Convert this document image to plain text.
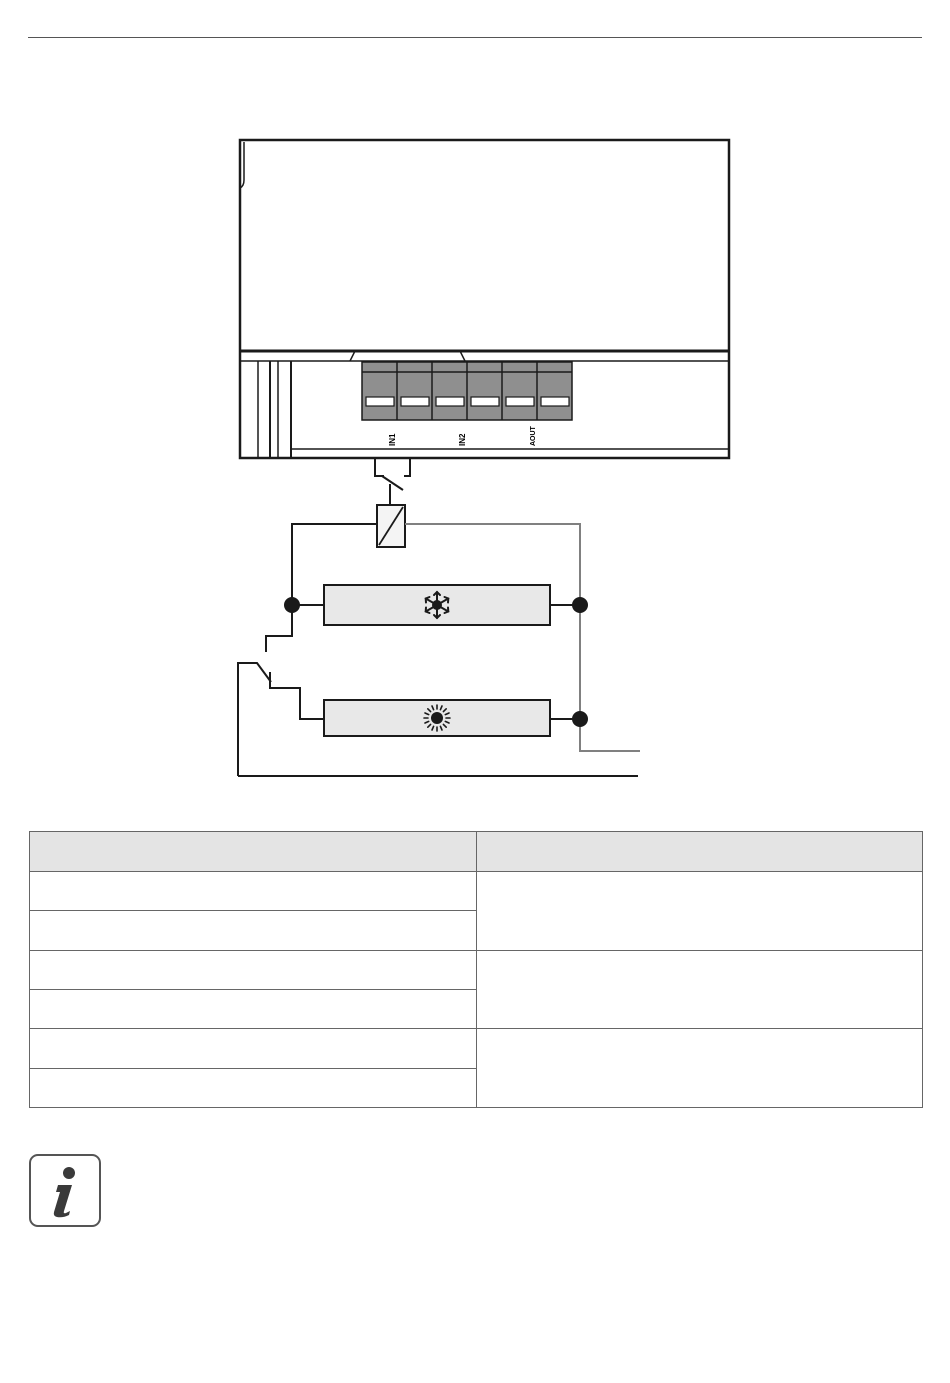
IN1	IN2	AOUT
